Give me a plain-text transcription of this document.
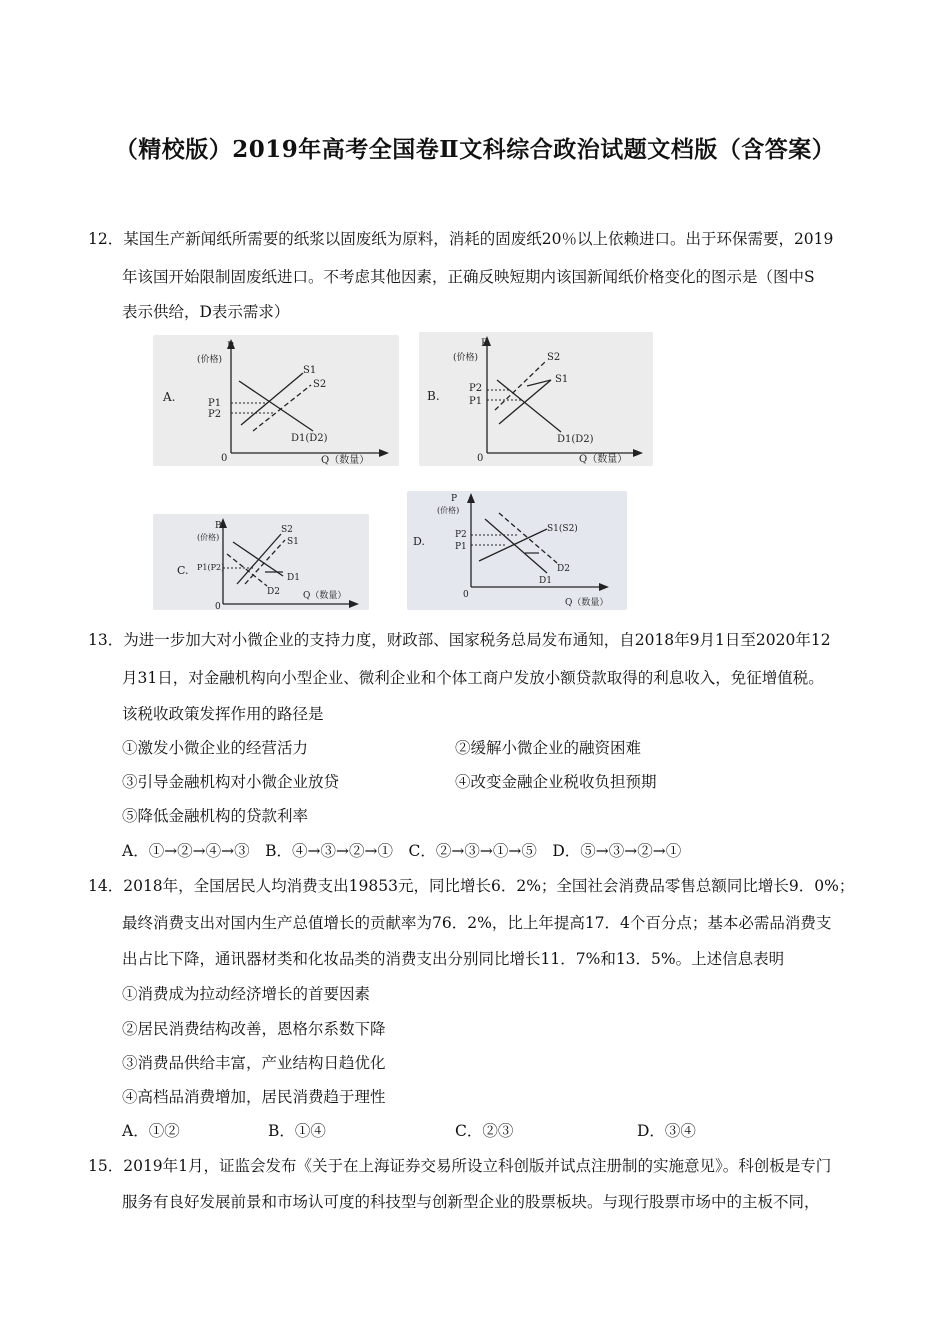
（精校版）2019年高考全国卷Ⅱ文科综合政治试题文档版（含答案）
12．某国生产新闻纸所需要的纸浆以固废纸为原料，消耗的固废纸20％以上依赖进口。出于环保需要，2019
年该国开始限制固废纸进口。不考虑其他因素，正确反映短期内该国新闻纸价格变化的图示是（图中S
表示供给，D表示需求）
P
(价格)
A.	P1
P2
S1
S2
D1(D2)
0	Q（数量）
P
(价格)
B.
P2
P1
S2
S1
D1(D2)
0	Q（数量）
P
(价格)
C. P1(P2)
S2
S1
D1
D2
0
Q（数量）
P
(价格)
D.	P2
P1
S1(S2)
D2
D1
0
Q（数量）
13．为进一步加大对小微企业的支持力度，财政部、国家税务总局发布通知，自2018年9月1日至2020年12
月31日，对金融机构向小型企业、微利企业和个体工商户发放小额贷款取得的利息收入，免征增值税。
该税收政策发挥作用的路径是
①激发小微企业的经营活力	②缓解小微企业的融资困难
③引导金融机构对小微企业放贷	④改变金融企业税收负担预期
⑤降低金融机构的贷款利率
A．①→②→④→③　B．④→③→②→①　C．②→③→①→⑤　D．⑤→③→②→①
14．2018年，全国居民人均消费支出19853元，同比增长6．2%；全国社会消费品零售总额同比增长9．0%；
最终消费支出对国内生产总值增长的贡献率为76．2%，比上年提高17．4个百分点；基本必需品消费支
出占比下降，通讯器材类和化妆品类的消费支出分别同比增长11．7%和13．5%。上述信息表明
①消费成为拉动经济增长的首要因素
②居民消费结构改善，恩格尔系数下降
③消费品供给丰富，产业结构日趋优化
④高档品消费增加，居民消费趋于理性
A．①②	B．①④	C．②③	D．③④
15．2019年1月，证监会发布《关于在上海证券交易所设立科创版并试点注册制的实施意见》。科创板是专门
服务有良好发展前景和市场认可度的科技型与创新型企业的股票板块。与现行股票市场中的主板不同，
